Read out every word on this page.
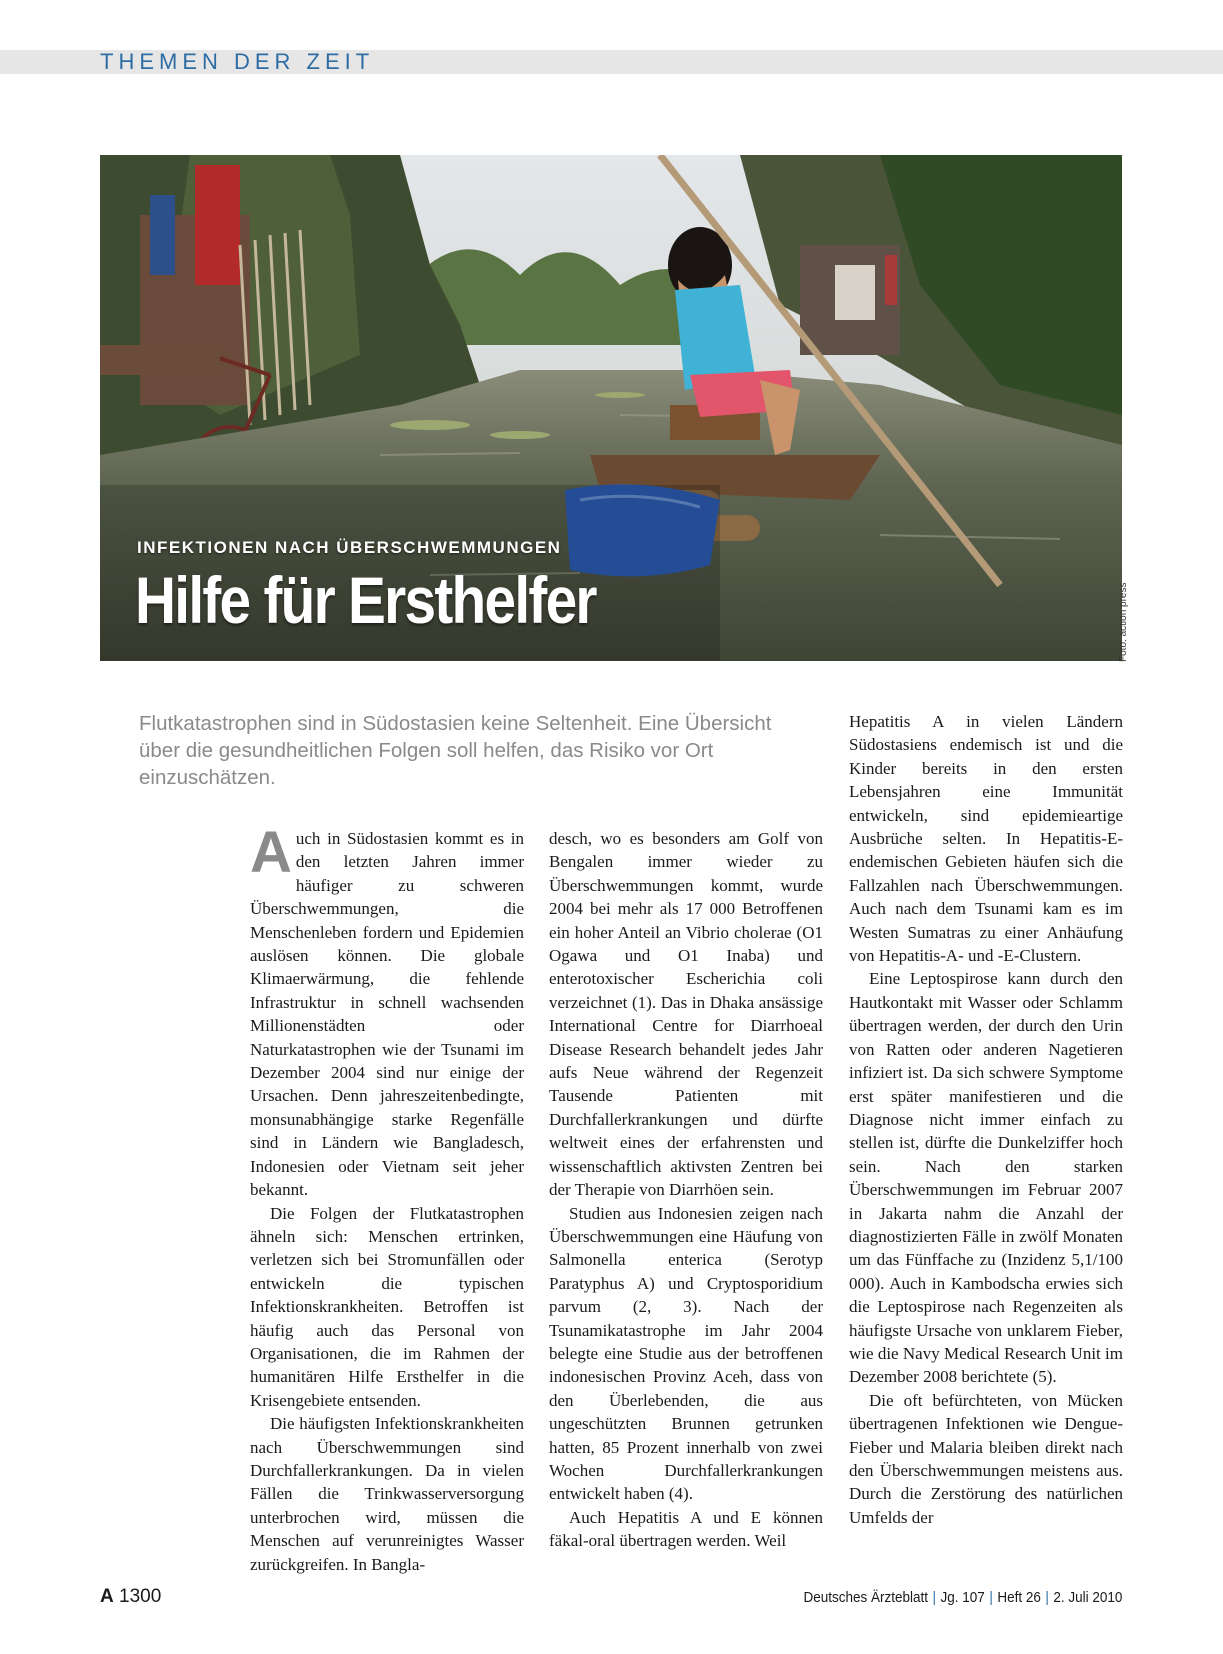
THEMEN DER ZEIT
INFEKTIONEN NACH ÜBERSCHWEMMUNGEN
Hilfe für Ersthelfer	Foto: action press
Flutkatastrophen sind in Südostasien keine Seltenheit. Eine Übersicht über die gesundheitlichen Folgen soll helfen, das Risiko vor Ort einzuschätzen.

Auch in Südostasien kommt es in den letzten Jahren immer häufiger zu schweren Überschwemmungen, die Menschenleben fordern und Epidemien auslösen können. Die globale Klimaerwärmung, die fehlende Infrastruktur in schnell wachsenden Millionenstädten oder Naturkatastrophen wie der Tsunami im Dezember 2004 sind nur einige der Ursachen. Denn jahreszeitenbedingte, monsunabhängige starke Regenfälle sind in Ländern wie Bangladesch, Indonesien oder Vietnam seit jeher bekannt.

Die Folgen der Flutkatastrophen ähneln sich: Menschen ertrinken, verletzen sich bei Stromunfällen oder entwickeln die typischen Infektionskrankheiten. Betroffen ist häufig auch das Personal von Organisationen, die im Rahmen der humanitären Hilfe Ersthelfer in die Krisengebiete entsenden.

Die häufigsten Infektionskrankheiten nach Überschwemmungen sind Durchfallerkrankungen. Da in vielen Fällen die Trinkwasserversorgung unterbrochen wird, müssen die Menschen auf verunreinigtes Wasser zurückgreifen. In Bangla-

desch, wo es besonders am Golf von Bengalen immer wieder zu Überschwemmungen kommt, wurde 2004 bei mehr als 17 000 Betroffenen ein hoher Anteil an Vibrio cholerae (O1 Ogawa und O1 Inaba) und enterotoxischer Escherichia coli verzeichnet (1). Das in Dhaka ansässige International Centre for Diarrhoeal Disease Research behandelt jedes Jahr aufs Neue während der Regenzeit Tausende Patienten mit Durchfallerkrankungen und dürfte weltweit eines der erfahrensten und wissenschaftlich aktivsten Zentren bei der Therapie von Diarrhöen sein.

Studien aus Indonesien zeigen nach Überschwemmungen eine Häufung von Salmonella enterica (Serotyp Paratyphus A) und Cryptosporidium parvum (2, 3). Nach der Tsunamikatastrophe im Jahr 2004 belegte eine Studie aus der betroffenen indonesischen Provinz Aceh, dass von den Überlebenden, die aus ungeschützten Brunnen getrunken hatten, 85 Prozent innerhalb von zwei Wochen Durchfallerkrankungen entwickelt haben (4).

Auch Hepatitis A und E können fäkal-oral übertragen werden. Weil

Hepatitis A in vielen Ländern Südostasiens endemisch ist und die Kinder bereits in den ersten Lebensjahren eine Immunität entwickeln, sind epidemieartige Ausbrüche selten. In Hepatitis-E-endemischen Gebieten häufen sich die Fallzahlen nach Überschwemmungen. Auch nach dem Tsunami kam es im Westen Sumatras zu einer Anhäufung von Hepatitis-A- und -E-Clustern.

Eine Leptospirose kann durch den Hautkontakt mit Wasser oder Schlamm übertragen werden, der durch den Urin von Ratten oder anderen Nagetieren infiziert ist. Da sich schwere Symptome erst später manifestieren und die Diagnose nicht immer einfach zu stellen ist, dürfte die Dunkelziffer hoch sein. Nach den starken Überschwemmungen im Februar 2007 in Jakarta nahm die Anzahl der diagnostizierten Fälle in zwölf Monaten um das Fünffache zu (Inzidenz 5,1/100 000). Auch in Kambodscha erwies sich die Leptospirose nach Regenzeiten als häufigste Ursache von unklarem Fieber, wie die Navy Medical Research Unit im Dezember 2008 berichtete (5).

Die oft befürchteten, von Mücken übertragenen Infektionen wie Dengue-Fieber und Malaria bleiben direkt nach den Überschwemmungen meistens aus. Durch die Zerstörung des natürlichen Umfelds der

A 1300	Deutsches Ärzteblatt | Jg. 107 | Heft 26 | 2. Juli 2010
